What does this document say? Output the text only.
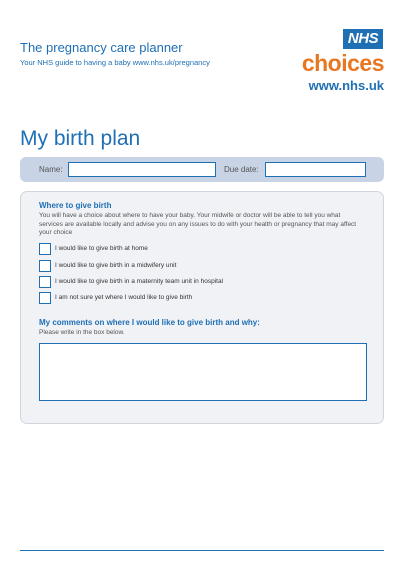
The pregnancy care planner
Your NHS guide to having a baby www.nhs.uk/pregnancy
NHS
choices
www.nhs.uk
My birth plan
Name:	Due date:
Where to give birth
You will have a choice about where to have your baby. Your midwife or doctor will be able to tell you what services are available locally and advise you on any issues to do with your health or pregnancy that may affect your choice
I would like to give birth at home
I would like to give birth in a midwifery unit
I would like to give birth in a maternity team unit in hospital
I am not sure yet where I would like to give birth
My comments on where I would like to give birth and why:
Please write in the box below.
